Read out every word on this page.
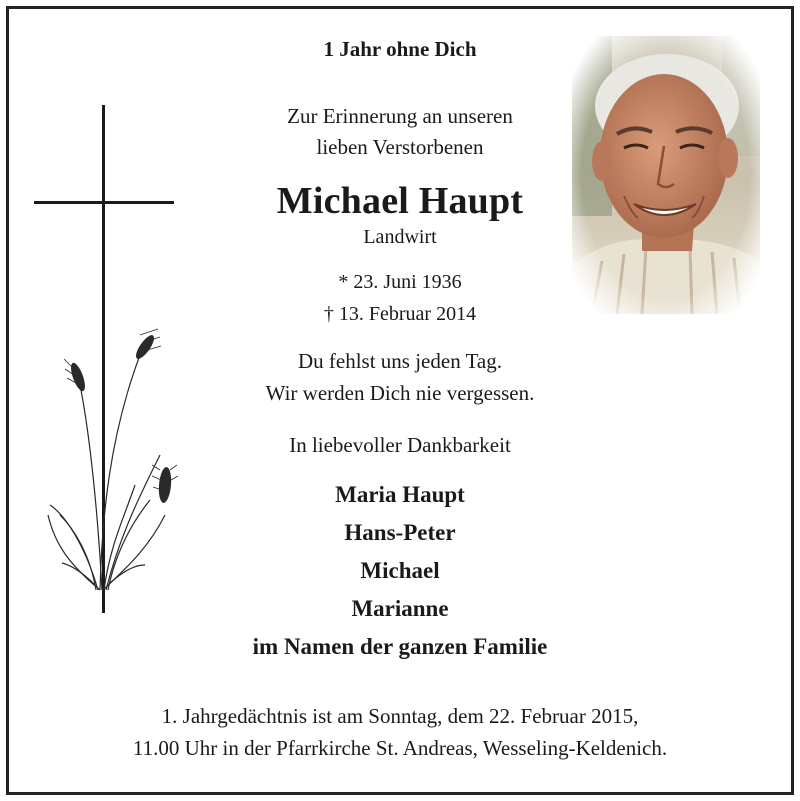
1 Jahr ohne Dich

Zur Erinnerung an unseren
lieben Verstorbenen

Michael Haupt

Landwirt

* 23. Juni 1936
† 13. Februar 2014

Du fehlst uns jeden Tag.
Wir werden Dich nie vergessen.

In liebevoller Dankbarkeit

Maria Haupt
Hans-Peter
Michael
Marianne

im Namen der ganzen Familie

1. Jahrgedächtnis ist am Sonntag, dem 22. Februar 2015,
11.00 Uhr in der Pfarrkirche St. Andreas, Wesseling-Keldenich.
